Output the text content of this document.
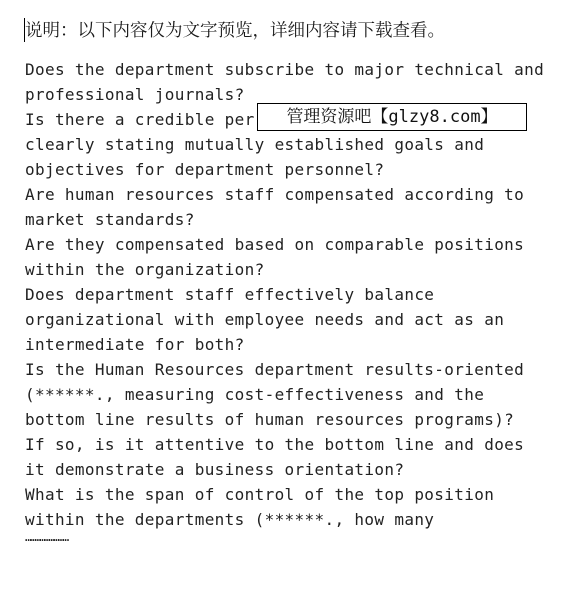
说明：以下内容仅为文字预览，详细内容请下载查看。

Does the department subscribe to major technical and
professional journals?
Is there a credible per
clearly stating mutually established goals and
objectives for department personnel?
Are human resources staff compensated according to
market standards?
Are they compensated based on comparable positions
within the organization?
Does department staff effectively balance
organizational with employee needs and act as an
intermediate for both?
Is the Human Resources department results-oriented
(******., measuring cost-effectiveness and the
bottom line results of human resources programs)?
If so, is it attentive to the bottom line and does
it demonstrate a business orientation?
What is the span of control of the top position
within the departments (******., how many
………………………
管理资源吧【glzy8.com】
